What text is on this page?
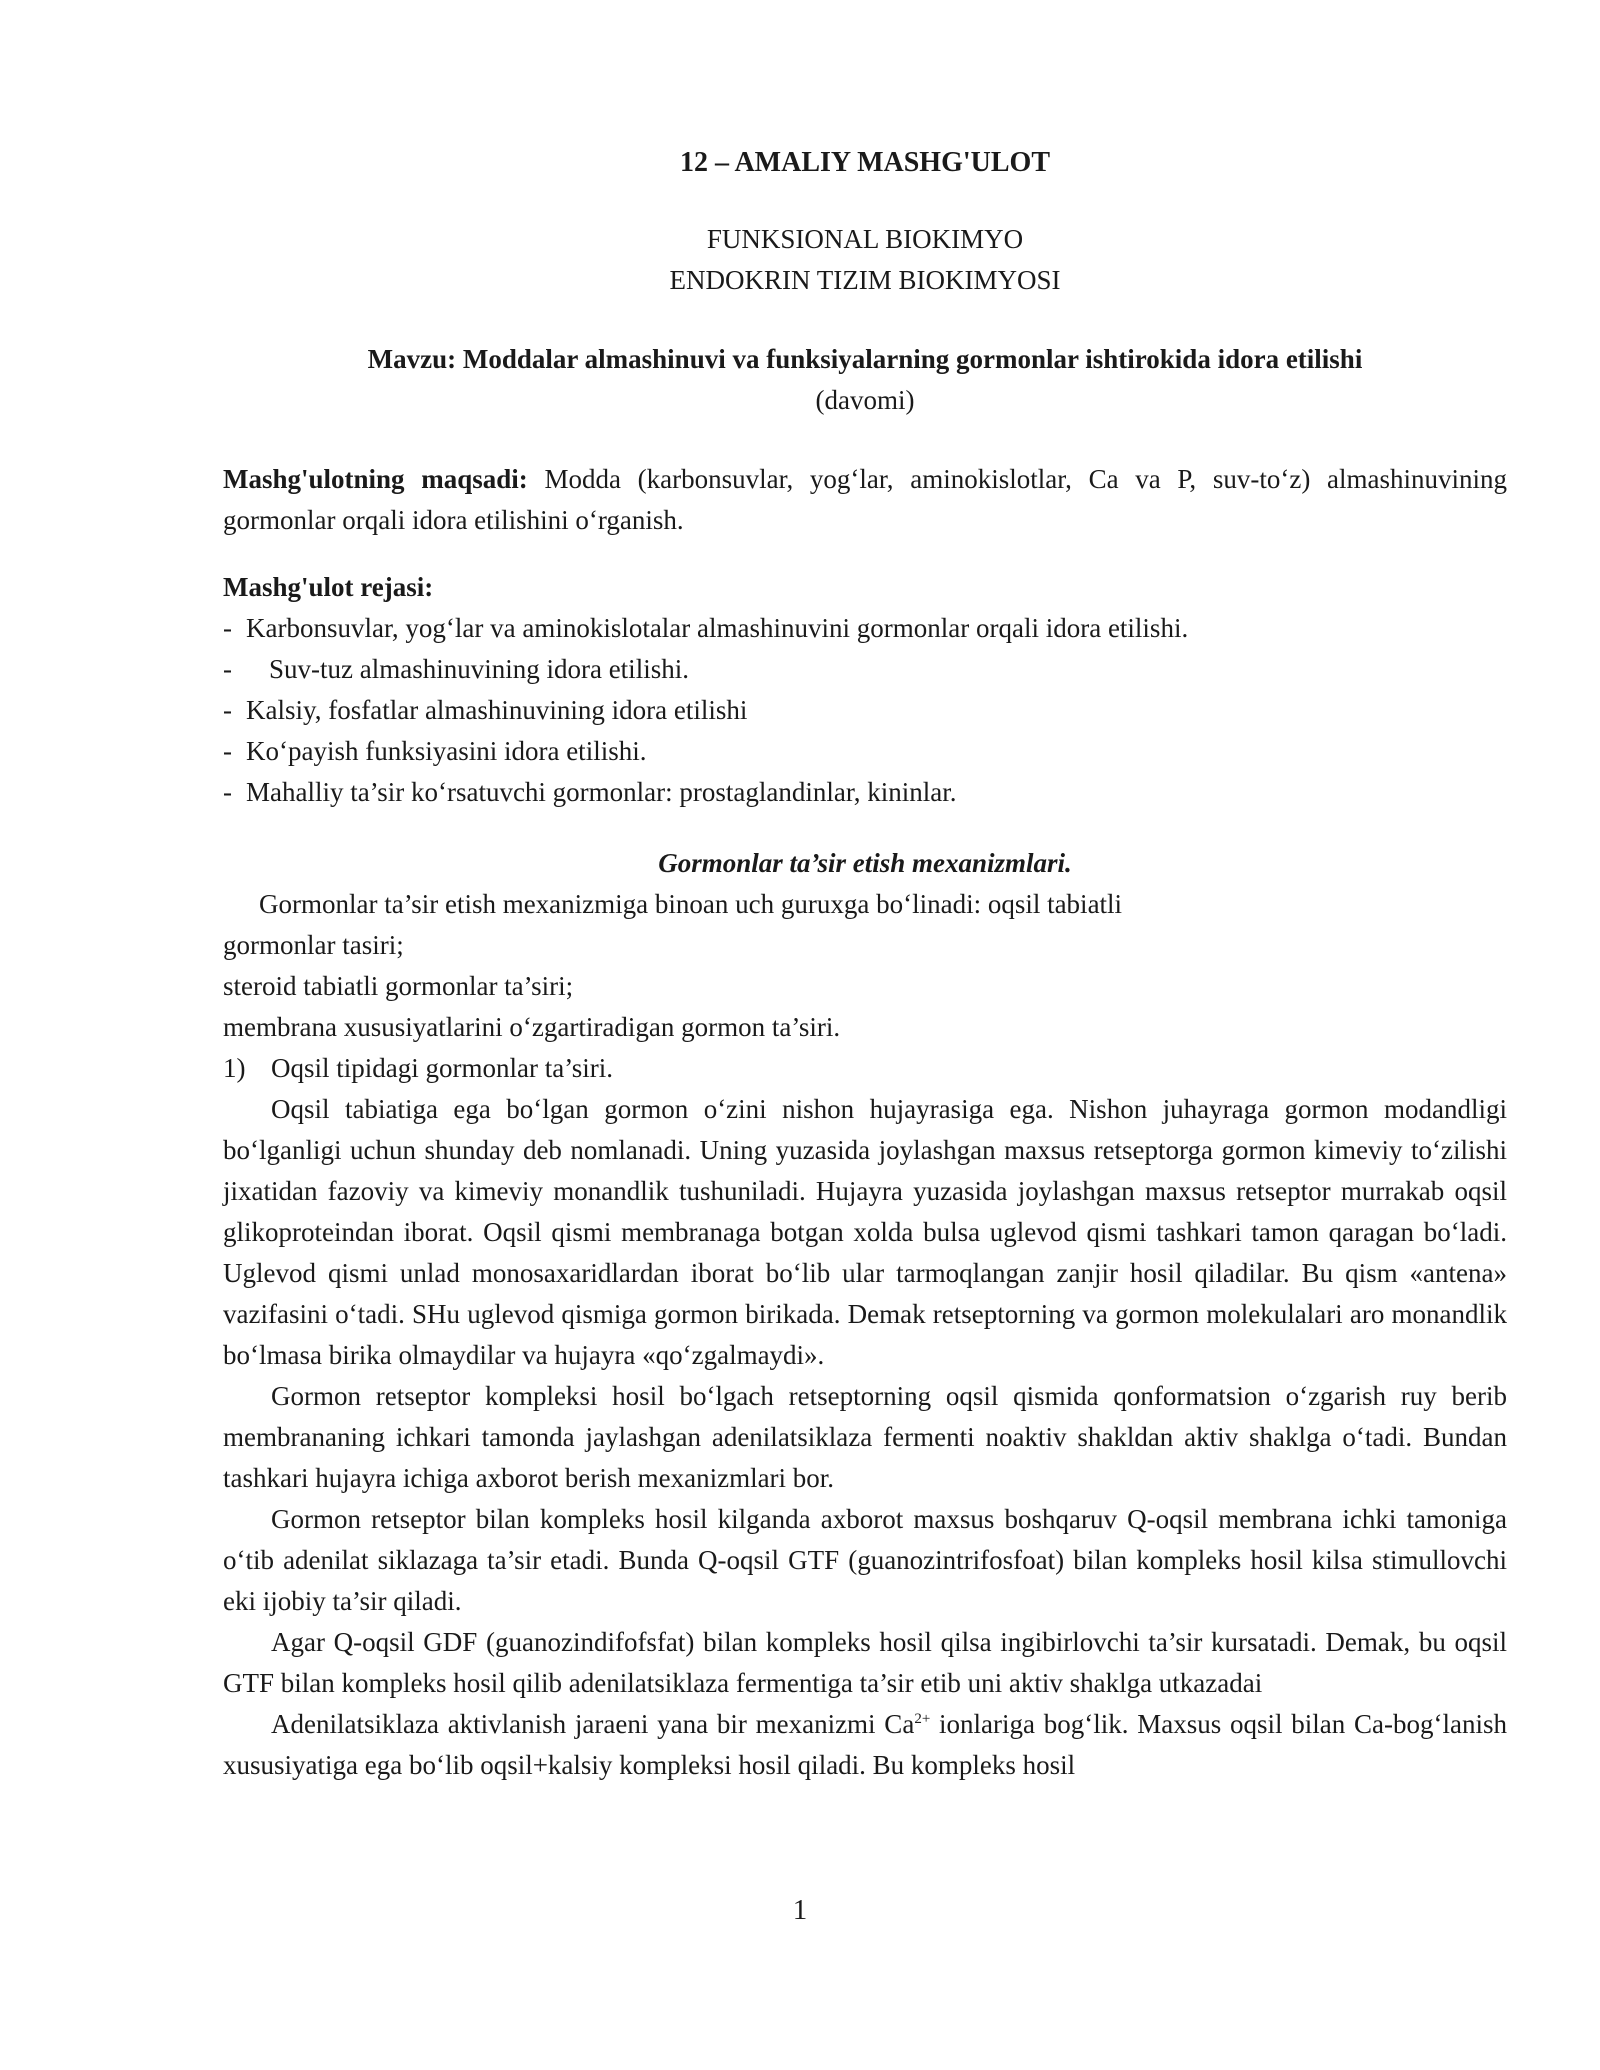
12 – AMALIY MASHG'ULOT

FUNKSIONAL BIOKIMYO

ENDOKRIN TIZIM BIOKIMYOSI

Mavzu: Moddalar almashinuvi va funksiyalarning gormonlar ishtirokida idora etilishi

(davomi)

Mashg'ulotning maqsadi: Modda (karbonsuvlar, yog‘lar, aminokislotlar, Ca va P, suv-to‘z) almashinuvining gormonlar orqali idora etilishini o‘rganish.

Mashg'ulot rejasi:

- Karbonsuvlar, yog‘lar va aminokislotalar almashinuvini gormonlar orqali idora etilishi.
- Suv-tuz almashinuvining idora etilishi.
- Kalsiy, fosfatlar almashinuvining idora etilishi
- Ko‘payish funksiyasini idora etilishi.
- Mahalliy ta’sir ko‘rsatuvchi gormonlar: prostaglandinlar, kininlar.

Gormonlar ta’sir etish mexanizmlari.

Gormonlar ta’sir etish mexanizmiga binoan uch guruxga bo‘linadi: oqsil tabiatli

gormonlar tasiri;

steroid tabiatli gormonlar ta’siri;

membrana xususiyatlarini o‘zgartiradigan gormon ta’siri.

1) Oqsil tipidagi gormonlar ta’siri.

Oqsil tabiatiga ega bo‘lgan gormon o‘zini nishon hujayrasiga ega. Nishon juhayraga gormon modandligi bo‘lganligi uchun shunday deb nomlanadi. Uning yuzasida joylashgan maxsus retseptorga gormon kimeviy to‘zilishi jixatidan fazoviy va kimeviy monandlik tushuniladi. Hujayra yuzasida joylashgan maxsus retseptor murrakab oqsil glikoproteindan iborat. Oqsil qismi membranaga botgan xolda bulsa uglevod qismi tashkari tamon qaragan bo‘ladi. Uglevod qismi unlad monosaxaridlardan iborat bo‘lib ular tarmoqlangan zanjir hosil qiladilar. Bu qism «antena» vazifasini o‘tadi. SHu uglevod qismiga gormon birikada. Demak retseptorning va gormon molekulalari aro monandlik bo‘lmasa birika olmaydilar va hujayra «qo‘zgalmaydi».

Gormon retseptor kompleksi hosil bo‘lgach retseptorning oqsil qismida qonformatsion o‘zgarish ruy berib membrananing ichkari tamonda jaylashgan adenilatsiklaza fermenti noaktiv shakldan aktiv shaklga o‘tadi. Bundan tashkari hujayra ichiga axborot berish mexanizmlari bor.

Gormon retseptor bilan kompleks hosil kilganda axborot maxsus boshqaruv Q-oqsil membrana ichki tamoniga o‘tib adenilat siklazaga ta’sir etadi. Bunda Q-oqsil GTF (guanozintrifosfoat) bilan kompleks hosil kilsa stimullovchi eki ijobiy ta’sir qiladi.

Agar Q-oqsil GDF (guanozindifofsfat) bilan kompleks hosil qilsa ingibirlovchi ta’sir kursatadi. Demak, bu oqsil GTF bilan kompleks hosil qilib adenilatsiklaza fermentiga ta’sir etib uni aktiv shaklga utkazadai

Adenilatsiklaza aktivlanish jaraeni yana bir mexanizmi $Ca^{2+}$ ionlariga bog‘lik. Maxsus oqsil bilan Ca-bog‘lanish xususiyatiga ega bo‘lib oqsil+kalsiy kompleksi hosil qiladi. Bu kompleks hosil

1
